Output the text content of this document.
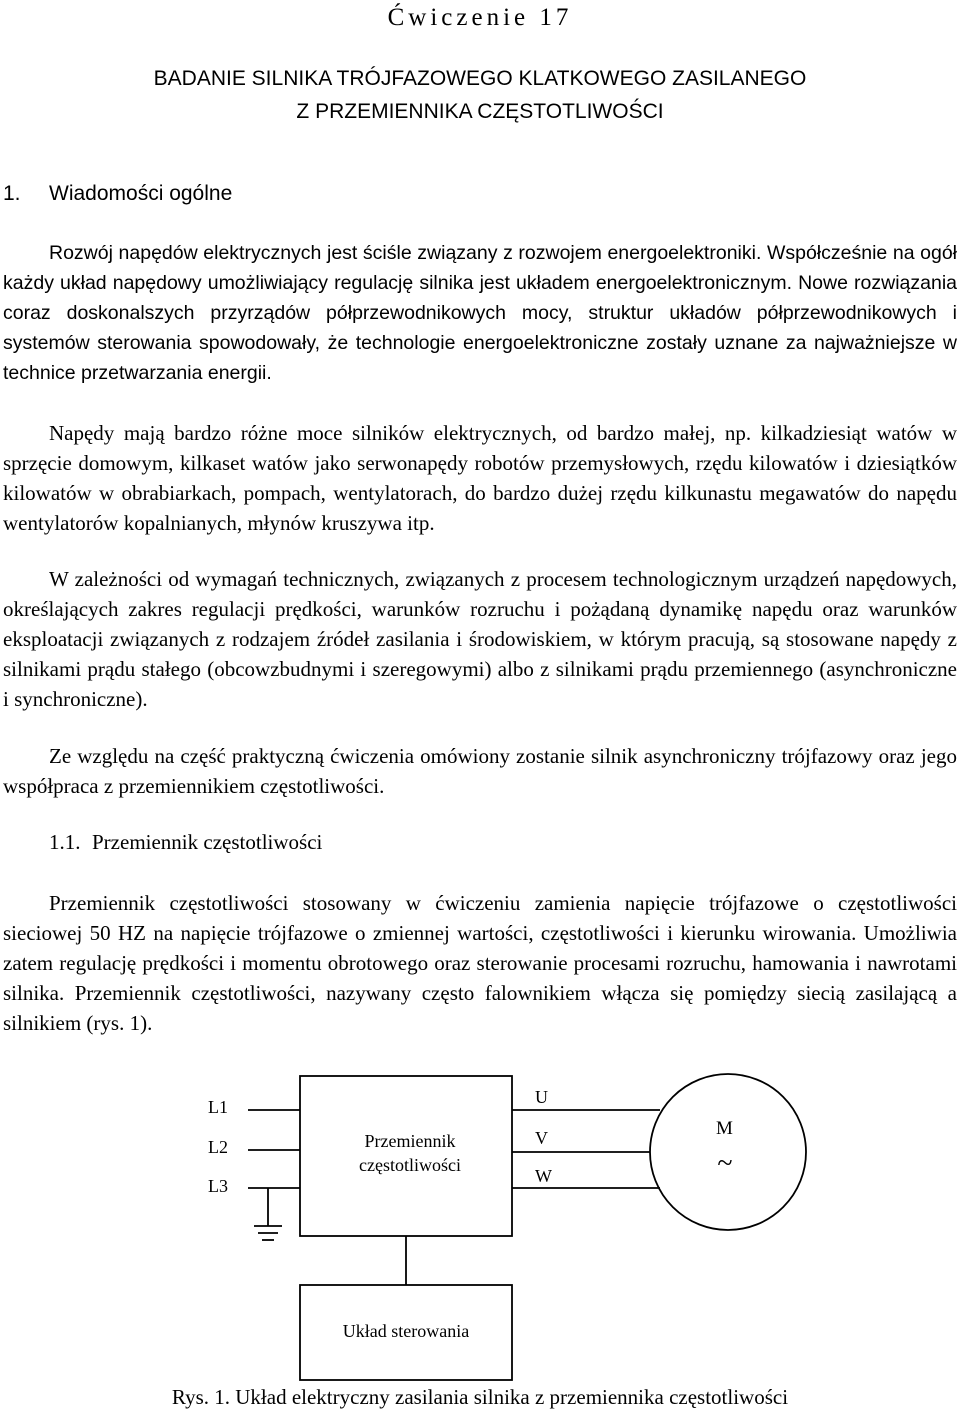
Ćwiczenie 17
BADANIE SILNIKA TRÓJFAZOWEGO KLATKOWEGO ZASILANEGO
Z PRZEMIENNIKA CZĘSTOTLIWOŚCI
1. Wiadomości ogólne
Rozwój napędów elektrycznych jest ściśle związany z rozwojem energoelektroniki. Współcześnie na ogół każdy układ napędowy umożliwiający regulację silnika jest układem energoelektronicznym. Nowe rozwiązania coraz doskonalszych przyrządów półprzewodnikowych mocy, struktur układów półprzewodnikowych i systemów sterowania spowodowały, że technologie energoelektroniczne zostały uznane za najważniejsze w technice przetwarzania energii.
Napędy mają bardzo różne moce silników elektrycznych, od bardzo małej, np. kilkadziesiąt watów w sprzęcie domowym, kilkaset watów jako serwonapędy robotów przemysłowych, rzędu kilowatów i dziesiątków kilowatów w obrabiarkach, pompach, wentylatorach, do bardzo dużej rzędu kilkunastu megawatów do napędu wentylatorów kopalnianych, młynów kruszywa itp.
W zależności od wymagań technicznych, związanych z procesem technologicznym urządzeń napędowych, określających zakres regulacji prędkości, warunków rozruchu i pożądaną dynamikę napędu oraz warunków eksploatacji związanych z rodzajem źródeł zasilania i środowiskiem, w którym pracują, są stosowane napędy z silnikami prądu stałego (obcowzbudnymi i szeregowymi) albo z silnikami prądu przemiennego (asynchroniczne i synchroniczne).
Ze względu na część praktyczną ćwiczenia omówiony zostanie silnik asynchroniczny trójfazowy oraz jego współpraca z przemiennikiem częstotliwości.
1.1. Przemiennik częstotliwości
Przemiennik częstotliwości stosowany w ćwiczeniu zamienia napięcie trójfazowe o częstotliwości sieciowej 50 HZ na napięcie trójfazowe o zmiennej wartości, częstotliwości i kierunku wirowania. Umożliwia zatem regulację prędkości i momentu obrotowego oraz sterowanie procesami rozruchu, hamowania i nawrotami silnika. Przemiennik częstotliwości, nazywany często falownikiem włącza się pomiędzy siecią zasilającą a silnikiem (rys. 1).
L1
L2
L3
Przemiennik
częstotliwości
U
V
W
M
~
Układ sterowania
Rys. 1. Układ elektryczny zasilania silnika z przemiennika częstotliwości
